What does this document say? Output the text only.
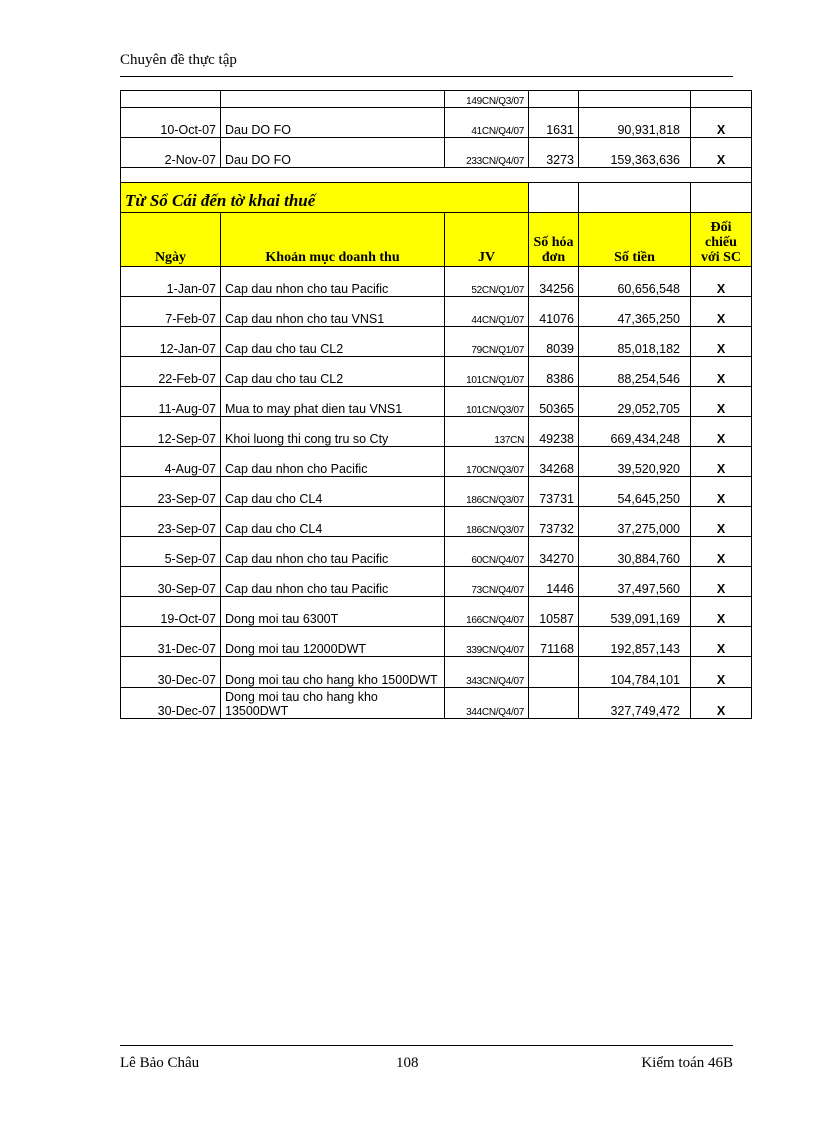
Chuyên đề thực tập
		149CN/Q3/07			
10-Oct-07	Dau DO FO	41CN/Q4/07	1631	90,931,818	X
2-Nov-07	Dau DO FO	233CN/Q4/07	3273	159,363,636	X

Từ Sổ Cái đến tờ khai thuế					
Ngày	Khoản mục doanh thu	JV	Số hóa đơn	Số tiền	Đối chiếu với SC
1-Jan-07	Cap dau nhon cho tau Pacific	52CN/Q1/07	34256	60,656,548	X
7-Feb-07	Cap dau nhon cho tau VNS1	44CN/Q1/07	41076	47,365,250	X
12-Jan-07	Cap dau cho tau CL2	79CN/Q1/07	8039	85,018,182	X
22-Feb-07	Cap dau cho tau CL2	101CN/Q1/07	8386	88,254,546	X
11-Aug-07	Mua to may phat dien tau VNS1	101CN/Q3/07	50365	29,052,705	X
12-Sep-07	Khoi luong thi cong tru so Cty	137CN	49238	669,434,248	X
4-Aug-07	Cap dau nhon cho Pacific	170CN/Q3/07	34268	39,520,920	X
23-Sep-07	Cap dau cho CL4	186CN/Q3/07	73731	54,645,250	X
23-Sep-07	Cap dau cho CL4	186CN/Q3/07	73732	37,275,000	X
5-Sep-07	Cap dau nhon cho tau Pacific	60CN/Q4/07	34270	30,884,760	X
30-Sep-07	Cap dau nhon cho tau Pacific	73CN/Q4/07	1446	37,497,560	X
19-Oct-07	Dong moi tau 6300T	166CN/Q4/07	10587	539,091,169	X
31-Dec-07	Dong moi tau 12000DWT	339CN/Q4/07	71168	192,857,143	X
30-Dec-07	Dong moi tau cho hang kho 1500DWT	343CN/Q4/07		104,784,101	X
30-Dec-07	Dong moi tau cho hang kho 13500DWT	344CN/Q4/07		327,749,472	X
Lê Bảo Châu	108	Kiểm toán 46B
